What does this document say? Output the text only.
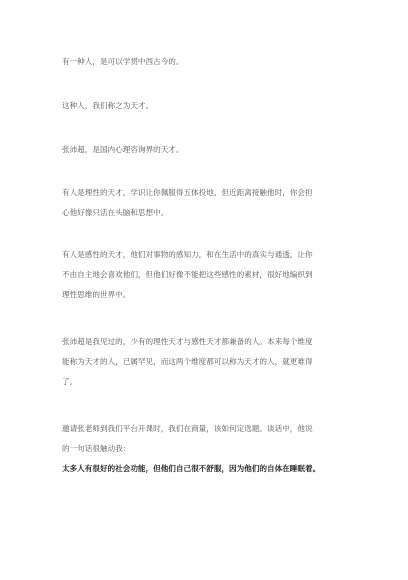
有一种人，是可以学贯中西古今的。

这种人，我们称之为天才。

张沛超，是国内心理咨询界的天才。

有人是理性的天才，学识让你佩服得五体投地，但近距离接触他时，你会担
心他好像只活在头脑和思想中。

有人是感性的天才，他们对事物的感知力，和在生活中的真实与通透，让你
不由自主地会喜欢他们，但他们好像不能把这些感性的素材，很好地编织到
理性思维的世界中。

张沛超是我见过的，少有的理性天才与感性天才都兼备的人。本来每个维度
能称为天才的人，已属罕见，而这两个维度都可以称为天才的人，就更难得
了。

邀请张老师到我们平台开课时，我们在商量，该如何定选题。谈话中，他说
的一句话很触动我：

太多人有很好的社会功能，但他们自己很不舒服，因为他们的自体在睡眠着。
